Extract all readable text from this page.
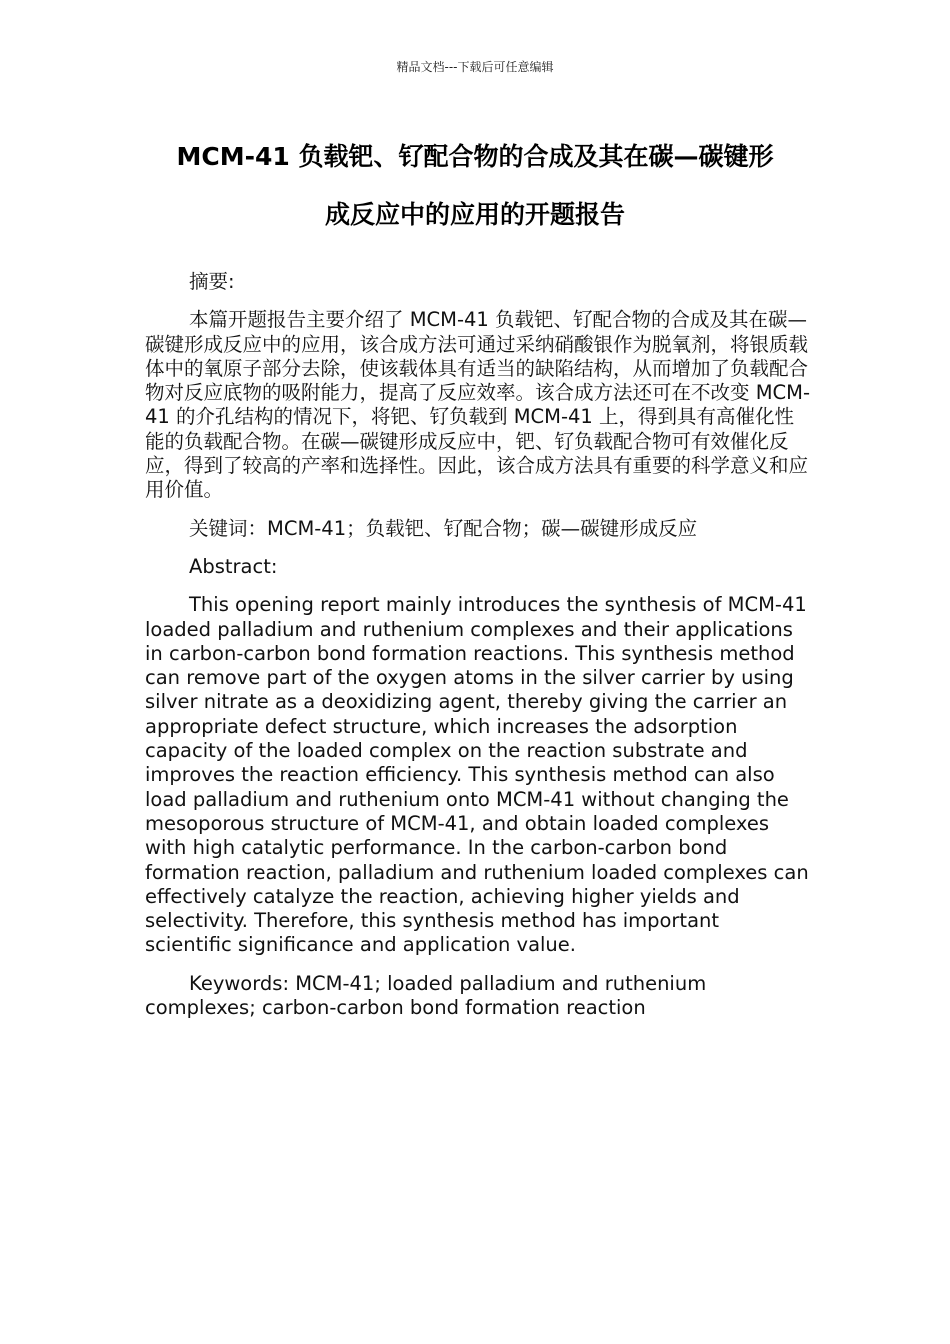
精品文档---下载后可任意编辑
MCM-41 负载钯、钌配合物的合成及其在碳—碳键形
成反应中的应用的开题报告

摘要:

本篇开题报告主要介绍了 MCM-41 负载钯、钌配合物的合成及其在碳—碳键形成反应中的应用，该合成方法可通过采纳硝酸银作为脱氧剂，将银质载体中的氧原子部分去除，使该载体具有适当的缺陷结构，从而增加了负载配合物对反应底物的吸附能力，提高了反应效率。该合成方法还可在不改变 MCM-41 的介孔结构的情况下，将钯、钌负载到 MCM-41 上，得到具有高催化性能的负载配合物。在碳—碳键形成反应中，钯、钌负载配合物可有效催化反应，得到了较高的产率和选择性。因此，该合成方法具有重要的科学意义和应用价值。

关键词：MCM-41；负载钯、钌配合物；碳—碳键形成反应

Abstract:

This opening report mainly introduces the synthesis of MCM-41 loaded palladium and ruthenium complexes and their applications in carbon-carbon bond formation reactions. This synthesis method can remove part of the oxygen atoms in the silver carrier by using silver nitrate as a deoxidizing agent, thereby giving the carrier an appropriate defect structure, which increases the adsorption capacity of the loaded complex on the reaction substrate and improves the reaction efficiency. This synthesis method can also load palladium and ruthenium onto MCM-41 without changing the mesoporous structure of MCM-41, and obtain loaded complexes with high catalytic performance. In the carbon-carbon bond formation reaction, palladium and ruthenium loaded complexes can effectively catalyze the reaction, achieving higher yields and selectivity. Therefore, this synthesis method has important scientific significance and application value.

Keywords: MCM-41; loaded palladium and ruthenium complexes; carbon-carbon bond formation reaction
